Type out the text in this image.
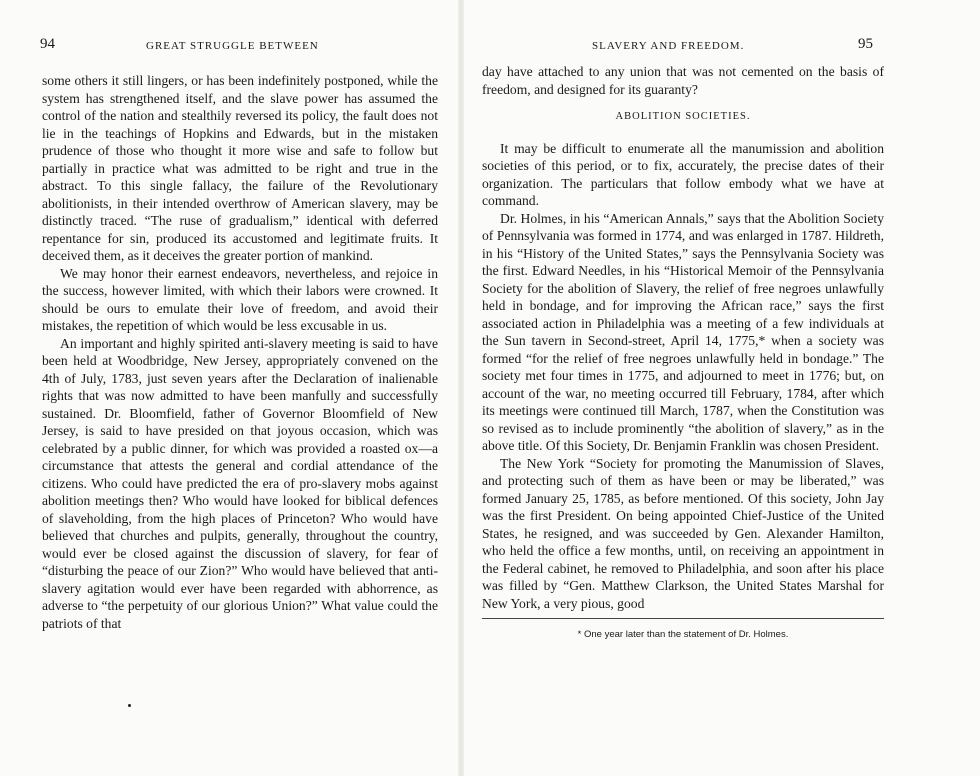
94	GREAT STRUGGLE BETWEEN

some others it still lingers, or has been indefinitely postponed, while the system has strengthened itself, and the slave power has assumed the control of the nation and stealthily reversed its policy, the fault does not lie in the teachings of Hopkins and Edwards, but in the mistaken prudence of those who thought it more wise and safe to follow but partially in practice what was admitted to be right and true in the abstract. To this single fallacy, the failure of the Revolutionary abolitionists, in their intended overthrow of American slavery, may be distinctly traced. “The ruse of gradualism,” identical with deferred repentance for sin, produced its accustomed and legitimate fruits. It deceived them, as it deceives the greater portion of mankind.

We may honor their earnest endeavors, nevertheless, and rejoice in the success, however limited, with which their labors were crowned. It should be ours to emulate their love of freedom, and avoid their mistakes, the repetition of which would be less excusable in us.

An important and highly spirited anti-slavery meeting is said to have been held at Woodbridge, New Jersey, appropriately convened on the 4th of July, 1783, just seven years after the Declaration of inalienable rights that was now admitted to have been manfully and successfully sustained. Dr. Bloomfield, father of Governor Bloomfield of New Jersey, is said to have presided on that joyous occasion, which was celebrated by a public dinner, for which was provided a roasted ox—a circumstance that attests the general and cordial attendance of the citizens. Who could have predicted the era of pro-slavery mobs against abolition meetings then? Who would have looked for biblical defences of slaveholding, from the high places of Princeton? Who would have believed that churches and pulpits, generally, throughout the country, would ever be closed against the discussion of slavery, for fear of “disturbing the peace of our Zion?” Who would have believed that anti-slavery agitation would ever have been regarded with abhorrence, as adverse to “the perpetuity of our glorious Union?” What value could the patriots of that

SLAVERY AND FREEDOM.	95

day have attached to any union that was not cemented on the basis of freedom, and designed for its guaranty?

ABOLITION SOCIETIES.

It may be difficult to enumerate all the manumission and abolition societies of this period, or to fix, accurately, the precise dates of their organization. The particulars that follow embody what we have at command.

Dr. Holmes, in his “American Annals,” says that the Abolition Society of Pennsylvania was formed in 1774, and was enlarged in 1787. Hildreth, in his “History of the United States,” says the Pennsylvania Society was the first. Edward Needles, in his “Historical Memoir of the Pennsylvania Society for the abolition of Slavery, the relief of free negroes unlawfully held in bondage, and for improving the African race,” says the first associated action in Philadelphia was a meeting of a few individuals at the Sun tavern in Second-street, April 14, 1775,* when a society was formed “for the relief of free negroes unlawfully held in bondage.” The society met four times in 1775, and adjourned to meet in 1776; but, on account of the war, no meeting occurred till February, 1784, after which its meetings were continued till March, 1787, when the Constitution was so revised as to include prominently “the abolition of slavery,” as in the above title. Of this Society, Dr. Benjamin Franklin was chosen President.

The New York “Society for promoting the Manumission of Slaves, and protecting such of them as have been or may be liberated,” was formed January 25, 1785, as before mentioned. Of this society, John Jay was the first President. On being appointed Chief-Justice of the United States, he resigned, and was succeeded by Gen. Alexander Hamilton, who held the office a few months, until, on receiving an appointment in the Federal cabinet, he removed to Philadelphia, and soon after his place was filled by “Gen. Matthew Clarkson, the United States Marshal for New York, a very pious, good

* One year later than the statement of Dr. Holmes.
